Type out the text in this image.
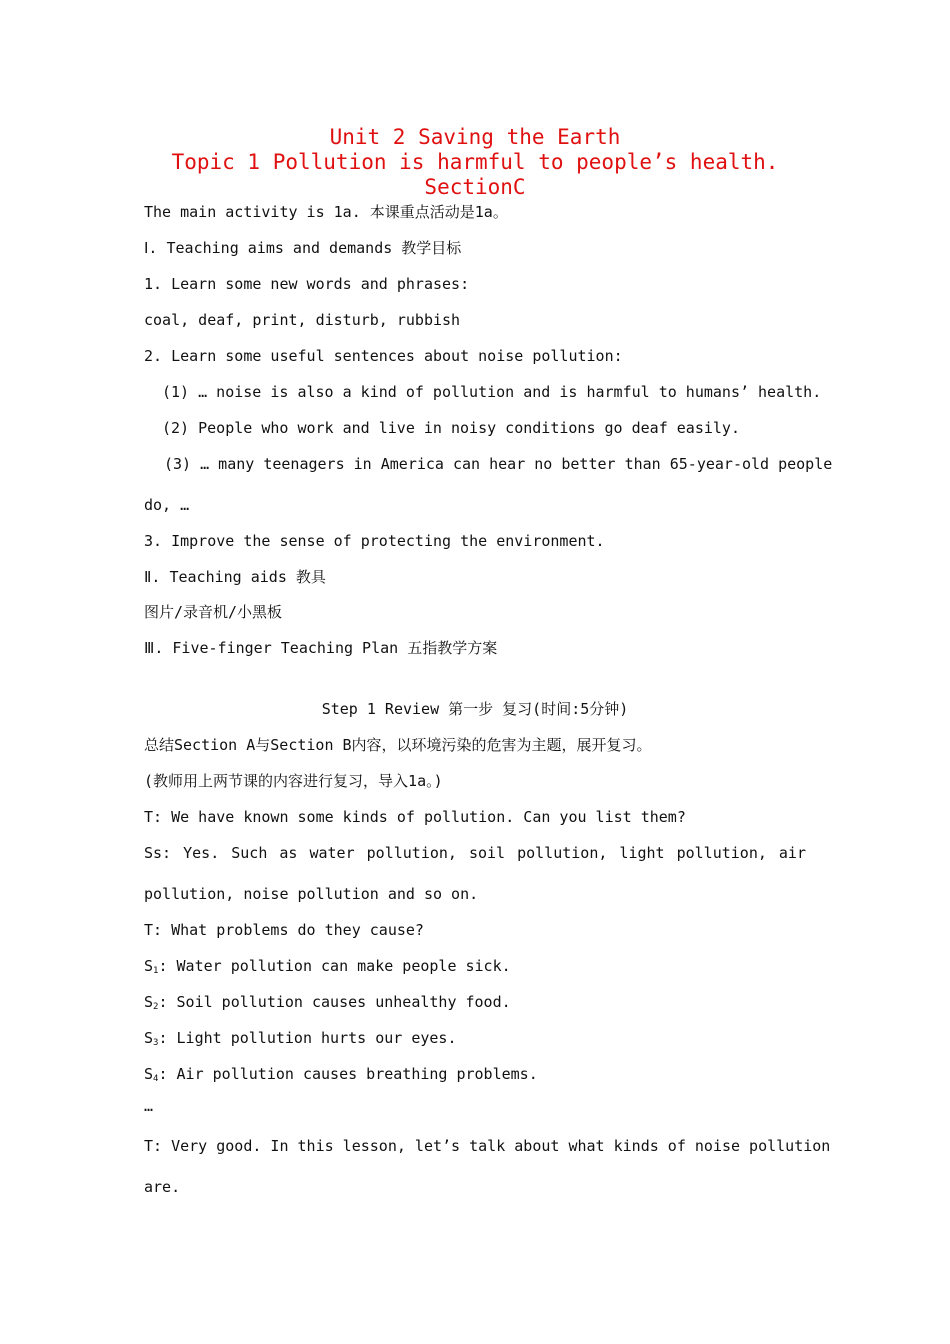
Unit 2 Saving the Earth
Topic 1 Pollution is harmful to people’s health.
SectionC
The main activity is 1a. 本课重点活动是1a。
Ⅰ. Teaching aims and demands 教学目标
1. Learn some new words and phrases:
coal, deaf, print, disturb, rubbish
2. Learn some useful sentences about noise pollution:
(1) … noise is also a kind of pollution and is harmful to humans’ health.
(2) People who work and live in noisy conditions go deaf easily.
(3) … many teenagers in America can hear no better than 65-year-old people
do, …
3. Improve the sense of protecting the environment.
Ⅱ. Teaching aids 教具
图片/录音机/小黑板
Ⅲ. Five-finger Teaching Plan 五指教学方案
Step 1 Review 第一步 复习(时间:5分钟)
总结Section A与Section B内容，以环境污染的危害为主题，展开复习。
(教师用上两节课的内容进行复习，导入1a。)
T: We have known some kinds of pollution. Can you list them?
Ss: Yes. Such as water pollution, soil pollution, light pollution, air
pollution, noise pollution and so on.
T: What problems do they cause?
$S_1$: Water pollution can make people sick.
$S_2$: Soil pollution causes unhealthy food.
$S_3$: Light pollution hurts our eyes.
$S_4$: Air pollution causes breathing problems.
…
T: Very good. In this lesson, let’s talk about what kinds of noise pollution
are.
